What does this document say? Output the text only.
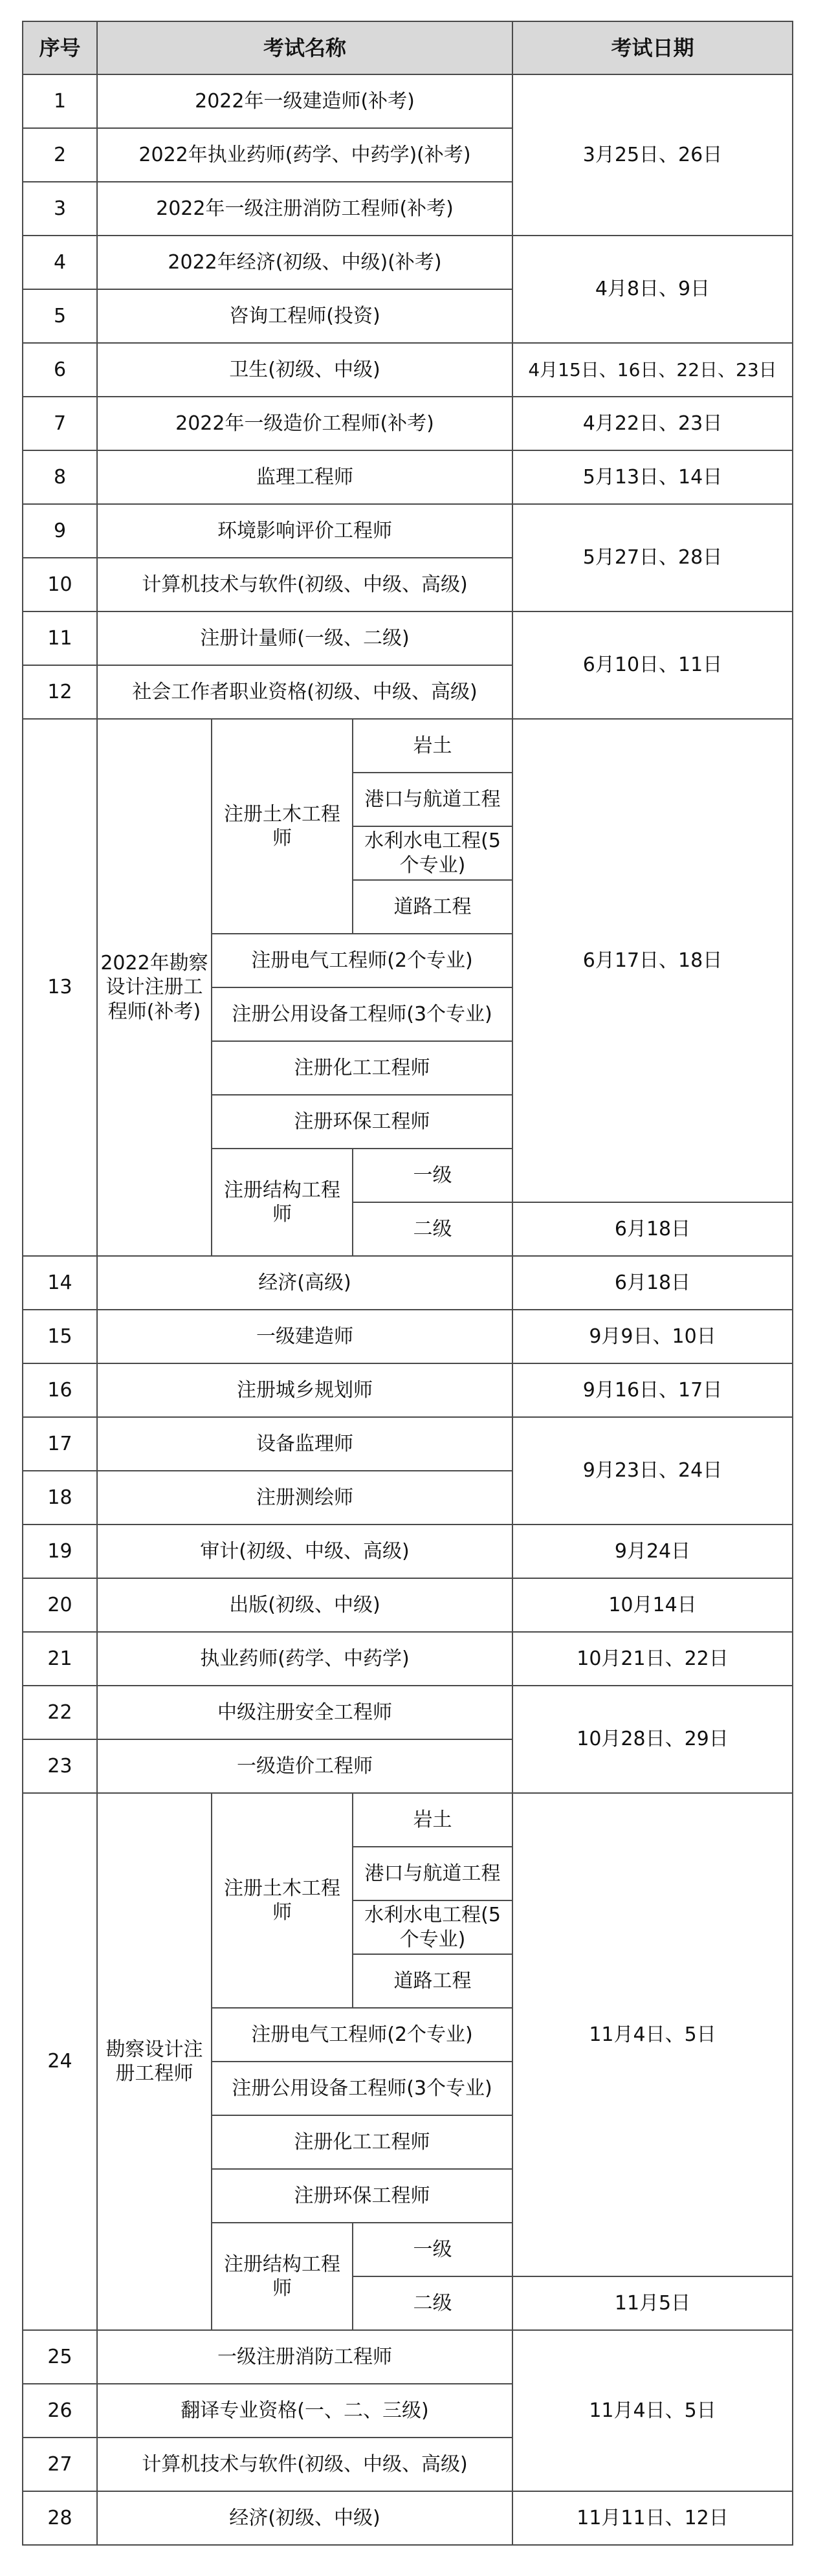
序号	考试名称			考试日期
1	2022年一级建造师(补考)			3月25日、26日
2	2022年执业药师(药学、中药学)(补考)			
3	2022年一级注册消防工程师(补考)			
4	2022年经济(初级、中级)(补考)			4月8日、9日
5	咨询工程师(投资)			
6	卫生(初级、中级)			4月15日、16日、22日、23日
7	2022年一级造价工程师(补考)			4月22日、23日
8	监理工程师			5月13日、14日
9	环境影响评价工程师			5月27日、28日
10	计算机技术与软件(初级、中级、高级)			
11	注册计量师(一级、二级)			6月10日、11日
12	社会工作者职业资格(初级、中级、高级)			
13	2022年勘察设计注册工程师(补考)	注册土木工程师	岩土	6月17日、18日
			港口与航道工程	
			水利水电工程(5个专业)	
			道路工程	
		注册电气工程师(2个专业)		
		注册公用设备工程师(3个专业)		
		注册化工工程师		
		注册环保工程师		
		注册结构工程师	一级	
			二级	6月18日
14	经济(高级)			6月18日
15	一级建造师			9月9日、10日
16	注册城乡规划师			9月16日、17日
17	设备监理师			9月23日、24日
18	注册测绘师			
19	审计(初级、中级、高级)			9月24日
20	出版(初级、中级)			10月14日
21	执业药师(药学、中药学)			10月21日、22日
22	中级注册安全工程师			10月28日、29日
23	一级造价工程师			
24	勘察设计注册工程师	注册土木工程师	岩土	11月4日、5日
			港口与航道工程	
			水利水电工程(5个专业)	
			道路工程	
		注册电气工程师(2个专业)		
		注册公用设备工程师(3个专业)		
		注册化工工程师		
		注册环保工程师		
		注册结构工程师	一级	
			二级	11月5日
25	一级注册消防工程师			11月4日、5日
26	翻译专业资格(一、二、三级)			
27	计算机技术与软件(初级、中级、高级)			
28	经济(初级、中级)			11月11日、12日
